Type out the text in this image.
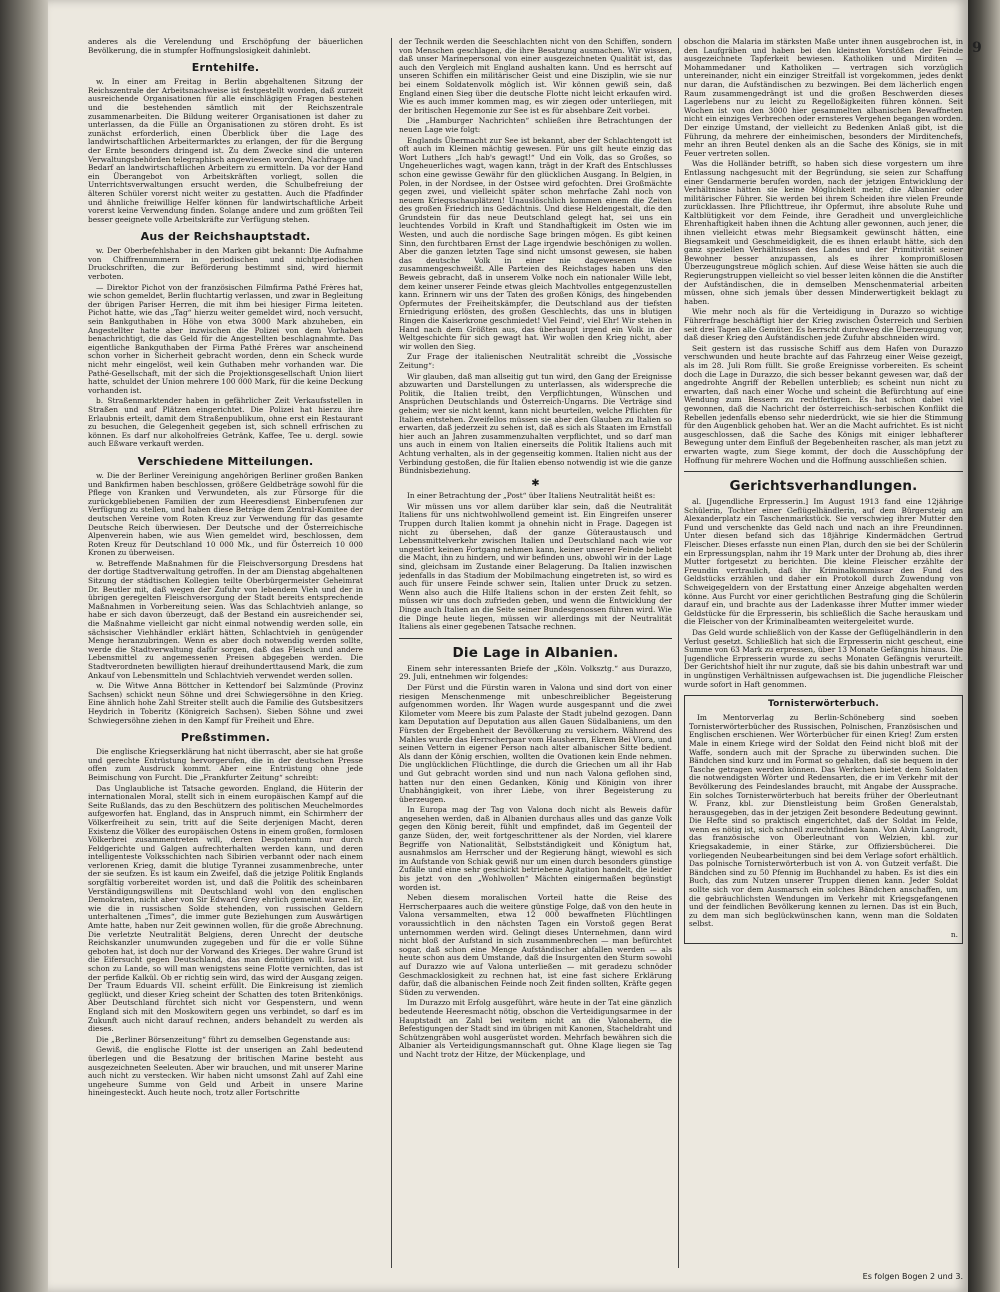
9

anderes als die Verelendung und Erschöpfung der bäuerlichen Bevölkerung, die in stumpfer Hoffnungslosigkeit dahinlebt.

Erntehilfe.

w. In einer am Freitag in Berlin abgehaltenen Sitzung der Reichszentrale der Arbeitsnachweise ist festgestellt worden, daß zurzeit ausreichende Organisationen für alle einschlägigen Fragen bestehen und die bestehenden sämtlich mit der Reichszentrale zusammenarbeiten. Die Bildung weiterer Organisationen ist daher zu unterlassen, da die Fülle an Organisationen zu stören droht. Es ist zunächst erforderlich, einen Überblick über die Lage des landwirtschaftlichen Arbeitermarktes zu erlangen, der für die Bergung der Ernte besonders dringend ist. Zu dem Zwecke sind die unteren Verwaltungsbehörden telegraphisch angewiesen worden, Nachfrage und Bedarf an landwirtschaftlichen Arbeitern zu ermitteln. Da vor der Hand ein Überangebot von Arbeitskräften vorliegt, sollen die Unterrichtsverwaltungen ersucht werden, die Schulbefreiung der älteren Schüler vorerst nicht weiter zu gestatten. Auch die Pfadfinder und ähnliche freiwillige Helfer können für landwirtschaftliche Arbeit vorerst keine Verwendung finden. Solange andere und zum größten Teil besser geeignete volle Arbeitskräfte zur Verfügung stehen.

Aus der Reichshauptstadt.

w. Der Oberbefehlshaber in den Marken gibt bekannt: Die Aufnahme von Chiffrennummern in periodischen und nichtperiodischen Druckschriften, die zur Beförderung bestimmt sind, wird hiermit verboten.

— Direktor Pichot von der französischen Filmfirma Pathé Frères hat, wie schon gemeldet, Berlin fluchtartig verlassen, und zwar in Begleitung der übrigen Pariser Herren, die mit ihm bei hiesiger Firma leiteten. Pichot hatte, wie das „Tag“ hierzu weiter gemeldet wird, noch versucht, sein Bankguthaben in Höhe von etwa 3000 Mark abzuheben, ein Angestellter hatte aber inzwischen die Polizei von dem Vorhaben benachrichtigt, die das Geld für die Angestellten beschlagnahmte. Das eigentliche Bankguthaben der Firma Pathé Frères war anscheinend schon vorher in Sicherheit gebracht worden, denn ein Scheck wurde nicht mehr eingelöst, weil kein Guthaben mehr vorhanden war. Die Pathé-Gesellschaft, mit der sich die Projektionsgesellschaft Union liiert hatte, schuldet der Union mehrere 100 000 Mark, für die keine Deckung vorhanden ist.

b. Straßenmarktender haben in gefährlicher Zeit Verkaufsstellen in Straßen und auf Plätzen eingerichtet. Die Polizei hat hierzu ihre Erlaubnis erteilt, damit dem Straßenpublikum, ohne erst ein Restaurant zu besuchen, die Gelegenheit gegeben ist, sich schnell erfrischen zu können. Es darf nur alkoholfreies Getränk, Kaffee, Tee u. dergl. sowie auch Eßware verkauft werden.

Verschiedene Mitteilungen.

w. Die der Berliner Vereinigung angehörigen Berliner großen Banken und Bankfirmen haben beschlossen, größere Geldbeträge sowohl für die Pflege von Kranken und Verwundeten, als zur Fürsorge für die zurückgebliebenen Familien der zum Heeresdienst Einberufenen zur Verfügung zu stellen, und haben diese Beträge dem Zentral-Komitee der deutschen Vereine vom Roten Kreuz zur Verwendung für das gesamte Deutsche Reich überwiesen. Der Deutsche und der Österreichische Alpenverein haben, wie aus Wien gemeldet wird, beschlossen, dem Roten Kreuz für Deutschland 10 000 Mk., und für Österreich 10 000 Kronen zu überweisen.

w. Betreffende Maßnahmen für die Fleischversorgung Dresdens hat der dortige Stadtverwaltung getroffen. In der am Dienstag abgehaltenen Sitzung der städtischen Kollegien teilte Oberbürgermeister Geheimrat Dr. Beutler mit, daß wegen der Zufuhr von lebendem Vieh und der in übrigen geregelten Fleischversorgung der Stadt bereits entsprechende Maßnahmen in Vorbereitung seien. Was das Schlachtvieh anlange, so habe er sich davon überzeugt, daß der Bestand ein ausreichender sei, die Maßnahme vielleicht gar nicht einmal notwendig werden solle, ein sächsischer Viehhändler erklärt hätten, Schlachtvieh in genügender Menge heranzubringen. Wenn es aber doch notwendig werden sollte, werde die Stadtverwaltung dafür sorgen, daß das Fleisch und andere Lebensmittel zu angemessenen Preisen abgegeben werden. Die Stadtverordneten bewilligten hierauf dreihunderttausend Mark, die zum Ankauf von Lebensmitteln und Schlachtvieh verwendet werden sollen.

w. Die Witwe Anna Böttcher in Kettendorf bei Salzmünde (Provinz Sachsen) schickt neun Söhne und drei Schwiegersöhne in den Krieg. Eine ähnlich hohe Zahl Streiter stellt auch die Familie des Gutsbesitzers Heydrich in Toberitz (Königreich Sachsen). Sieben Söhne und zwei Schwiegersöhne ziehen in den Kampf für Freiheit und Ehre.

Preßstimmen.

Die englische Kriegserklärung hat nicht überrascht, aber sie hat große und gerechte Entrüstung hervorgerufen, die in der deutschen Presse offen zum Ausdruck kommt. Aber eine Entrüstung ohne jede Beimischung von Furcht. Die „Frankfurter Zeitung“ schreibt:

Das Unglaubliche ist Tatsache geworden. England, die Hüterin der internationalen Moral, stellt sich in einem europäischen Kampf auf die Seite Rußlands, das zu den Beschützern des politischen Meuchelmordes aufgeworfen hat. England, das in Anspruch nimmt, ein Schirmherr der Völkerfreiheit zu sein, tritt auf die Seite derjenigen Macht, deren Existenz die Völker des europäischen Ostens in einem großen, formlosen Völkerbrei zusammentreten will, deren Despotentum nur durch Feldgerichte und Galgen aufrechterhalten werden kann, und deren intelligenteste Volksschichten nach Sibirien verbannt oder nach einem verlorenen Krieg, damit die blutige Tyrannei zusammenbreche, unter der sie seufzen. Es ist kaum ein Zweifel, daß die jetzige Politik Englands sorgfältig vorbereitet worden ist, und daß die Politik des scheinbaren Verständigungswillens mit Deutschland wohl von den englischen Demokraten, nicht aber von Sir Edward Grey ehrlich gemeint waren. Er, wie die in russischen Solde stehenden, von russischen Geldern unterhaltenen „Times“, die immer gute Beziehungen zum Auswärtigen Amte hatte, haben nur Zeit gewinnen wollen, für die große Abrechnung. Die verletzte Neutralität Belgiens, deren Unrecht der deutsche Reichskanzler unumwunden zugegeben und für die er volle Sühne geboten hat, ist doch nur der Vorwand des Krieges. Der wahre Grund ist die Eifersucht gegen Deutschland, das man demütigen will. Israel ist schon zu Lande, so will man wenigstens seine Flotte vernichten, das ist der perfide Kalkül. Ob er richtig sein wird, das wird der Ausgang zeigen. Der Traum Eduards VII. scheint erfüllt. Die Einkreisung ist ziemlich geglückt, und dieser Krieg scheint der Schatten des toten Britenkönigs. Aber Deutschland fürchtet sich nicht vor Gespenstern, und wenn England sich mit den Moskowitern gegen uns verbindet, so darf es im Zukunft auch nicht darauf rechnen, anders behandelt zu werden als dieses.

Die „Berliner Börsenzeitung“ führt zu demselben Gegenstande aus:

Gewiß, die englische Flotte ist der unserigen an Zahl bedeutend überlegen und die Besatzung der britischen Marine besteht aus ausgezeichneten Seeleuten. Aber wir brauchen, und mit unserer Marine auch nicht zu verstecken. Wir haben nicht umsonst Zahl auf Zahl eine ungeheure Summe von Geld und Arbeit in unsere Marine hineingesteckt. Auch heute noch, trotz aller Fortschritte

der Technik werden die Seeschlachten nicht von den Schiffen, sondern von Menschen geschlagen, die ihre Besatzung ausmachen. Wir wissen, daß unser Marinepersonal von einer ausgezeichneten Qualität ist, das auch den Vergleich mit England aushalten kann. Und es herrscht auf unseren Schiffen ein militärischer Geist und eine Disziplin, wie sie nur bei einem Soldatenvolk möglich ist. Wir können gewiß sein, daß England einen Sieg über die deutsche Flotte nicht leicht erkaufen wird. Wie es auch immer kommen mag, es wir ziegen oder unterliegen, mit der britischen Hegemonie zur See ist es für absehbare Zeit vorbei.

Die „Hamburger Nachrichten“ schließen ihre Betrachtungen der neuen Lage wie folgt:

Englands Übermacht zur See ist bekannt, aber der Schlachtengott ist oft auch im Kleinen mächtig gewesen. Für uns gilt heute einzig das Wort Luthers „Ich hab's gewagt!“ Und ein Volk, das so Großes, so Ungeheuerliches wagt, wagen kann, trägt in der Kraft des Entschlusses schon eine gewisse Gewähr für den glücklichen Ausgang. In Belgien, in Polen, in der Nordsee, in der Ostsee wird gefochten. Drei Großmächte gegen zwei, und vielleicht später schon mehrfache Zahl noch von neuem Kriegsschauplätzen! Unauslöschlich kommen einem die Zeiten des großen Friedrich ins Gedächtnis. Und diese Heldengestalt, die den Grundstein für das neue Deutschland gelegt hat, sei uns ein leuchtendes Vorbild in Kraft und Standhaftigkeit im Osten wie im Westen, und auch die nordische Sage bringen mögen. Es gibt keinen Sinn, den furchtbaren Ernst der Lage irgendwie beschönigen zu wollen. Aber die ganzen letzten Tage sind nicht umsonst gewesen, sie haben das deutsche Volk in einer nie dagewesenen Weise zusammengeschweißt. Alle Parteien des Reichstages haben uns den Beweis gebracht, daß in unserem Volke noch ein nationaler Wille lebt, dem keiner unserer Feinde etwas gleich Machtvolles entgegenzustellen kann. Erinnern wir uns der Taten des großen Königs, des hingebenden Opfermutes der Freiheitskämpfer, die Deutschland aus der tiefsten Erniedrigung erlösten, des großen Geschlechts, das uns in blutigen Ringen die Kaiserkrone geschmiedet! Viel Feind', viel Ehr! Wir stehen in Hand nach dem Größten aus, das überhaupt irgend ein Volk in der Weltgeschichte für sich gewagt hat. Wir wollen den Krieg nicht, aber wir wollen den Sieg.

Zur Frage der italienischen Neutralität schreibt die „Vossische Zeitung“:

Wir glauben, daß man allseitig gut tun wird, den Gang der Ereignisse abzuwarten und Darstellungen zu unterlassen, als widerspreche die Politik, die Italien treibt, den Verpflichtungen, Wünschen und Ansprüchen Deutschlands und Österreich-Ungarns. Die Verträge sind geheim; wer sie nicht kennt, kann nicht beurteilen, welche Pflichten für Italien entstehen. Zweifellos müssen sie aber den Glauben zu Italien so erwarten, daß jederzeit zu sehen ist, daß es sich als Staaten im Ernstfall hier auch an Jahren zusammenzuhalten verpflichtet, und so darf man uns auch in einem von Italien einerseits die Politik Italiens auch mit Achtung verhalten, als in der gegenseitig kommen. Italien nicht aus der Verbindung gestoßen, die für Italien ebenso notwendig ist wie die ganze Bündnisbeziehung.

✱

In einer Betrachtung der „Post“ über Italiens Neutralität heißt es:

Wir müssen uns vor allem darüber klar sein, daß die Neutralität Italiens für uns nichtwohlwollend gemeint ist. Ein Eingreifen unserer Truppen durch Italien kommt ja ohnehin nicht in Frage. Dagegen ist nicht zu übersehen, daß der ganze Güteraustausch und Lebensmittelverkehr zwischen Italien und Deutschland nach wie vor ungestört keinen Fortgang nehmen kann, keiner unserer Feinde beliebt die Macht, ihn zu hindern, und wir befinden uns, obwohl wir in der Lage sind, gleichsam im Zustande einer Belagerung. Da Italien inzwischen jedenfalls in das Stadium der Mobilmachung eingetreten ist, so wird es auch für unsere Feinde schwer sein, Italien unter Druck zu setzen. Wenn also auch die Hilfe Italiens schon in der ersten Zeit fehlt, so müssen wir uns doch zufrieden geben, und wenn die Entwicklung der Dinge auch Italien an die Seite seiner Bundesgenossen führen wird. Wie die Dinge heute liegen, müssen wir allerdings mit der Neutralität Italiens als einer gegebenen Tatsache rechnen.

Die Lage in Albanien.

Einem sehr interessanten Briefe der „Köln. Volksztg.“ aus Durazzo, 29. Juli, entnehmen wir folgendes:

Der Fürst und die Fürstin waren in Valona und sind dort von einer riesigen Menschenmenge mit unbeschreiblicher Begeisterung aufgenommen worden. Ihr Wagen wurde ausgespannt und die zwei Kilometer vom Meere bis zum Palaste der Stadt jubelnd gezogen. Dann kam Deputation auf Deputation aus allen Gauen Südalbaniens, um den Fürsten der Ergebenheit der Bevölkerung zu versichern. Während des Mahles wurde das Herrscherpaar vom Hausherrn, Ekrem Bei Vlora, und seinen Vettern in eigener Person nach alter albanischer Sitte bedient. Als dann der König erschien, wollten die Ovationen kein Ende nehmen. Die unglücklichen Flüchtlinge, die durch die Griechen um all ihr Hab und Gut gebracht worden sind und nun nach Valona geflohen sind, hatten nur den einen Gedanken, König und Königin von ihrer Unabhängigkeit, von ihrer Liebe, von ihrer Begeisterung zu überzeugen.

In Europa mag der Tag von Valona doch nicht als Beweis dafür angesehen werden, daß in Albanien durchaus alles und das ganze Volk gegen den König bereit, fühlt und empfindet, daß im Gegenteil der ganze Süden, der, weit fortgeschrittener als der Norden, viel klarere Begriffe von Nationalität, Selbstständigkeit und Königtum hat, ausnahmslos am Herrscher und der Regierung hängt, wiewohl es sich im Aufstande von Schiak gewiß nur um einen durch besonders günstige Zufälle und eine sehr geschickt betriebene Agitation handelt, die leider bis jetzt von den „Wohlwollen“ Mächten einigermaßen begünstigt worden ist.

Neben diesem moralischen Vorteil hatte die Reise des Herrscherpaares auch die weitere günstige Folge, daß von den heute in Valona versammelten, etwa 12 000 bewaffneten Flüchtlingen voraussichtlich in den nächsten Tagen ein Vorstoß gegen Berat unternommen werden wird. Gelingt dieses Unternehmen, dann wird nicht bloß der Aufstand in sich zusammenbrechen — man befürchtet sogar, daß schon eine Menge Aufständischer abfallen werden — als heute schon aus dem Umstande, daß die Insurgenten den Sturm sowohl auf Durazzo wie auf Valona unterließen — mit geradezu schnöder Geschmacklosigkeit zu rechnen hat, ist eine fast sichere Erklärung dafür, daß die albanischen Feinde noch Zeit finden sollten, Kräfte gegen Süden zu verwenden.

Im Durazzo mit Erfolg ausgeführt, wäre heute in der Tat eine gänzlich bedeutende Heeresmacht nötig, obschon die Verteidigungsarmee in der Hauptstadt an Zahl bei weitem nicht an die Valonabern, die Befestigungen der Stadt sind im übrigen mit Kanonen, Stacheldraht und Schützengräben wohl ausgerüstet worden. Mehrfach bewähren sich die Albanier als Verteidigungsmannschaft gut. Ohne Klage liegen sie Tag und Nacht trotz der Hitze, der Mückenplage, und

obschon die Malaria im stärksten Maße unter ihnen ausgebrochen ist, in den Laufgräben und haben bei den kleinsten Vorstößen der Feinde ausgezeichnete Tapferkeit bewiesen. Katholiken und Mirditen — Mohammedaner und Katholiken — vertragen sich vorzüglich untereinander, nicht ein einziger Streitfall ist vorgekommen, jedes denkt nur daran, die Aufständischen zu bezwingen. Bei dem lächerlich engen Raum zusammengedrängt ist und die großen Beschwerden dieses Lagerlebens nur zu leicht zu Regelloßigkeiten führen können. Seit Wochen ist von den 3000 hier gesammelten albanischen Bewaffneten nicht ein einziges Verbrechen oder ernsteres Vergehen begangen worden. Der einzige Umstand, der vielleicht zu Bedenken Anlaß gibt, ist die Führung, da mehrere der einheimischen, besonders der Mirditenchefs, mehr an ihren Beutel denken als an die Sache des Königs, sie in mit Feuer vertreten sollen.

Was die Holländer betrifft, so haben sich diese vorgestern um ihre Entlassung nachgesucht mit der Begründung, sie seien zur Schaffung einer Gendarmerie berufen worden, nach der jetzigen Entwicklung der Verhältnisse hätten sie keine Möglichkeit mehr, die Albanier oder militärischer Führer. Sie werden bei ihrem Scheiden ihre vielen Freunde zurücklassen. Ihre Pflichttreue, ihr Opfermut, ihre absolute Ruhe und Kaltblütigkeit vor dem Feinde, ihre Geradheit und unvergleichliche Ehrenhaftigkeit haben ihnen die Achtung aller gewonnen, auch jener, die ihnen vielleicht etwas mehr Biegsamkeit gewünscht hätten, eine Biegsamkeit und Geschmeidigkeit, die es ihnen erlaubt hätte, sich den ganz speziellen Verhältnissen des Landes und der Primitivität seiner Bewohner besser anzupassen, als es ihrer kompromißlosen Überzeugungstreue möglich schien. Auf diese Weise hätten sie auch die Regierungstruppen vielleicht so viel besser leiten können die die Anstifter der Aufständischen, die in demselben Menschenmaterial arbeiten müssen, ohne sich jemals über dessen Minderwertigkeit beklagt zu haben.

Wie mehr noch als für die Verteidigung in Durazzo so wichtige Führerfrage beschäftigt hier der Krieg zwischen Österreich und Serbien seit drei Tagen alle Gemüter. Es herrscht durchweg die Überzeugung vor, daß dieser Krieg den Aufständischen jede Zufuhr abschneiden wird.

Seit gestern ist das russische Schiff aus dem Hafen von Durazzo verschwunden und heute brachte auf das Fahrzeug einer Weise gezeigt, als im 28. Juli Rom füllt. Sie große Ereignisse vorbereiten. Es scheint doch die Lage in Durazzo, die sich besser bekannt gewesen war, daß der angedrohte Angriff der Rebellen unterblieb; es scheint nun nicht zu erwarten, daß nach einer Woche und scheint die Befürchtung auf eine Wendung zum Bessern zu rechtfertigen. Es hat schon dabei viel gewonnen, daß die Nachricht der österreichisch-serbischen Konflikt die Rebellen jedenfalls ebenso sehr niederdrückt, wie sie hier die Stimmung für den Augenblick gehoben hat. Wer an die Macht aufrichtet. Es ist nicht ausgeschlossen, daß die Sache des Königs mit einiger lebhafterer Bewegung unter dem Einfluß der Begebenheiten rascher, als man jetzt zu erwarten wagte, zum Siege kommt, der doch die Ausschöpfung der Hoffnung für mehrere Wochen und die Hoffnung ausschließen schien.

Gerichtsverhandlungen.

al. [Jugendliche Erpresserin.] Im August 1913 fand eine 12jährige Schülerin, Tochter einer Geflügelhändlerin, auf dem Bürgersteig am Alexanderplatz ein Taschenmarkstück. Sie verschwieg ihrer Mutter den Fund und verschenkte das Geld nach und nach an ihre Freundinnen. Unter diesen befand sich das 18jährige Kindermädchen Gertrud Fleischer. Dieses erfasste nun einen Plan, durch den sie bei der Schülerin ein Erpressungsplan, nahm ihr 19 Mark unter der Drohung ab, dies ihrer Mutter fortgesetzt zu berichten. Die kleine Fleischer erzählte der Freundin vertraulich, daß ihr Kriminalkommissar den Fund des Geldstücks erzählen und daher ein Protokoll durch Zuwendung von Schweigegeldern von der Erstattung einer Anzeige abgehalten werden könne. Aus Furcht vor einer gerichtlichen Bestrafung ging die Schülerin darauf ein, und brachte aus der Ladenkasse ihrer Mutter immer wieder Geldstücke für die Erpresserin, bis schließlich die Sache herauskam und die Fleischer von der Kriminalbeamten weitergeleitet wurde.

Das Geld wurde schließlich von der Kasse der Geflügelhändlerin in den Verlust gesetzt. Schließlich hat sich die Erpresserin nicht gescheut, eine Summe von 63 Mark zu erpressen, über 13 Monate Gefängnis hinaus. Die Jugendliche Erpresserin wurde zu sechs Monaten Gefängnis verurteilt. Der Gerichtshof hielt ihr nur zugute, daß sie bis dahin unbestraft war und in ungünstigen Verhältnissen aufgewachsen ist. Die jugendliche Fleischer wurde sofort in Haft genommen.

Tornisterwörterbuch.

Im Mentorverlag zu Berlin-Schöneberg sind soeben Tornisterwörterbücher des Russischen, Polnischen, Französischen und Englischen erschienen. Wer Wörterbücher für einen Krieg! Zum ersten Male in einem Kriege wird der Soldat den Feind nicht bloß mit der Waffe, sondern auch mit der Sprache zu überwinden suchen. Die Bändchen sind kurz und im Format so gehalten, daß sie bequem in der Tasche getragen werden können. Das Werkchen bietet dem Soldaten die notwendigsten Wörter und Redensarten, die er im Verkehr mit der Bevölkerung des Feindeslandes braucht, mit Angabe der Aussprache. Ein solches Tornisterwörterbuch hat bereits früher der Oberleutnant W. Franz, kbl. zur Dienstleistung beim Großen Generalstab, herausgegeben, das in der jetzigen Zeit besondere Bedeutung gewinnt. Die Hefte sind so praktisch eingerichtet, daß der Soldat im Felde, wenn es nötig ist, sich schnell zurechtfinden kann. Von Alvin Langrodt, das französische von Oberleutnant von Welzien, kbl. zur Kriegsakademie, in einer Stärke, zur Offiziersbücherei. Die vorliegenden Neubearbeitungen sind bei dem Verlage sofort erhältlich. Das polnische Tornisterwörterbuch ist von A. von Gutzeit verfaßt. Die Bändchen sind zu 50 Pfennig im Buchhandel zu haben. Es ist dies ein Buch, das zum Nutzen unserer Truppen dienen kann. Jeder Soldat sollte sich vor dem Ausmarsch ein solches Bändchen anschaffen, um die gebräuchlichsten Wendungen im Verkehr mit Kriegsgefangenen und der feindlichen Bevölkerung kennen zu lernen. Das ist ein Buch, zu dem man sich beglückwünschen kann, wenn man die Soldaten selbst.

n.
Es folgen Bogen 2 und 3.
